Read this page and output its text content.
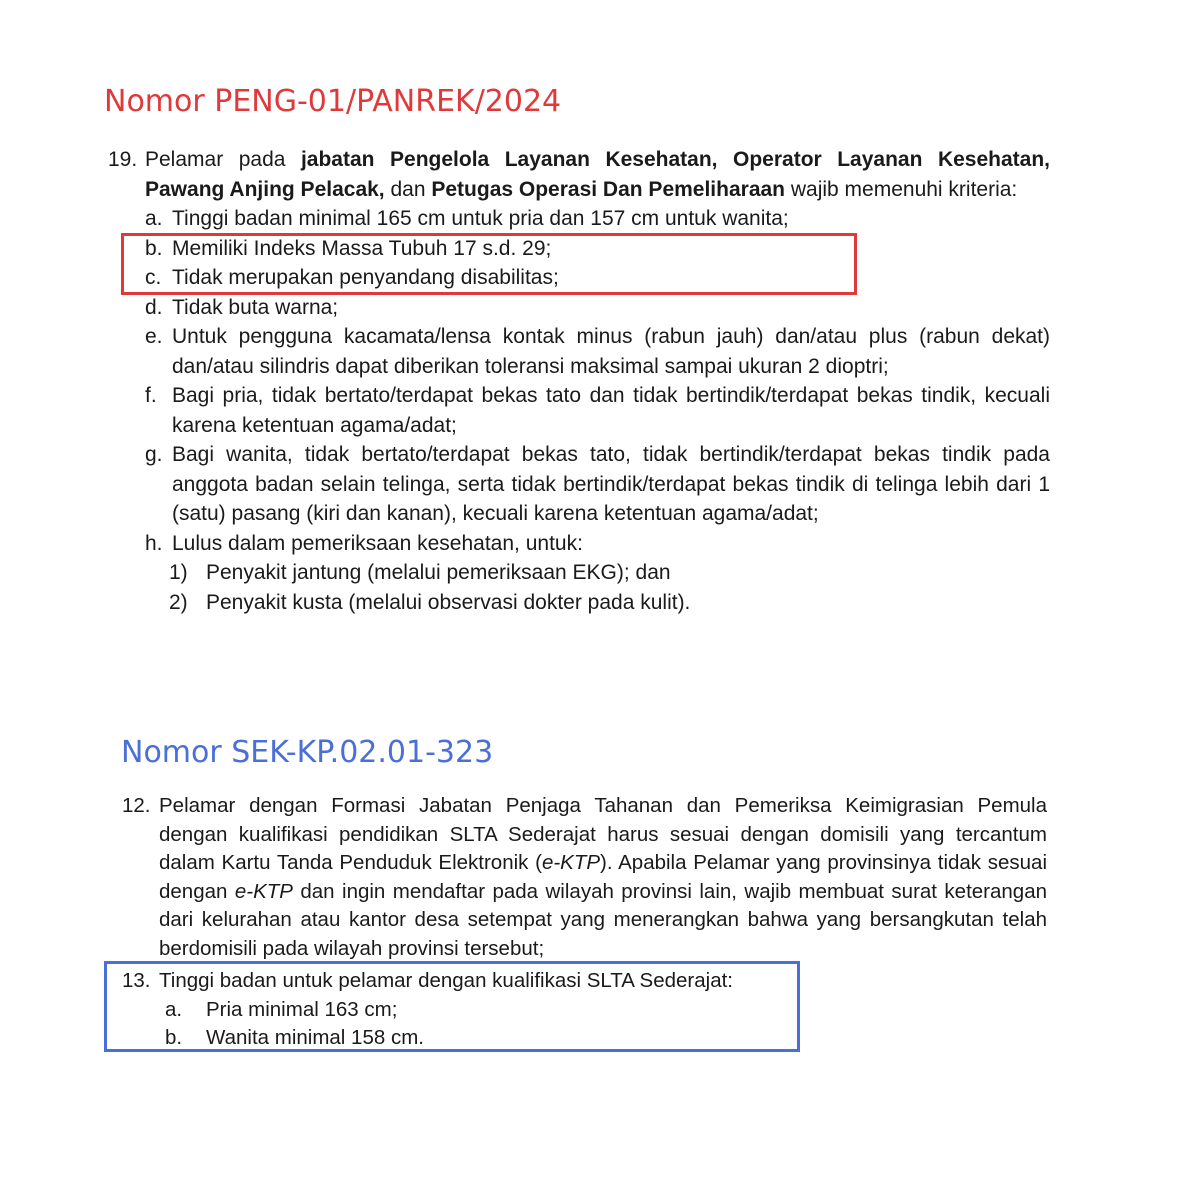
Nomor PENG-01/PANREK/2024
19. Pelamar pada jabatan Pengelola Layanan Kesehatan, Operator Layanan Kesehatan, Pawang Anjing Pelacak, dan Petugas Operasi Dan Pemeliharaan wajib memenuhi kriteria:
a. Tinggi badan minimal 165 cm untuk pria dan 157 cm untuk wanita;
b. Memiliki Indeks Massa Tubuh 17 s.d. 29;
c. Tidak merupakan penyandang disabilitas;
d. Tidak buta warna;
e. Untuk pengguna kacamata/lensa kontak minus (rabun jauh) dan/atau plus (rabun dekat) dan/atau silindris dapat diberikan toleransi maksimal sampai ukuran 2 dioptri;
f. Bagi pria, tidak bertato/terdapat bekas tato dan tidak bertindik/terdapat bekas tindik, kecuali karena ketentuan agama/adat;
g. Bagi wanita, tidak bertato/terdapat bekas tato, tidak bertindik/terdapat bekas tindik pada anggota badan selain telinga, serta tidak bertindik/terdapat bekas tindik di telinga lebih dari 1 (satu) pasang (kiri dan kanan), kecuali karena ketentuan agama/adat;
h. Lulus dalam pemeriksaan kesehatan, untuk:
1) Penyakit jantung (melalui pemeriksaan EKG); dan
2) Penyakit kusta (melalui observasi dokter pada kulit).
Nomor SEK-KP.02.01-323
12. Pelamar dengan Formasi Jabatan Penjaga Tahanan dan Pemeriksa Keimigrasian Pemula dengan kualifikasi pendidikan SLTA Sederajat harus sesuai dengan domisili yang tercantum dalam Kartu Tanda Penduduk Elektronik (e-KTP). Apabila Pelamar yang provinsinya tidak sesuai dengan e-KTP dan ingin mendaftar pada wilayah provinsi lain, wajib membuat surat keterangan dari kelurahan atau kantor desa setempat yang menerangkan bahwa yang bersangkutan telah berdomisili pada wilayah provinsi tersebut;
13. Tinggi badan untuk pelamar dengan kualifikasi SLTA Sederajat:
a. Pria minimal 163 cm;
b. Wanita minimal 158 cm.
